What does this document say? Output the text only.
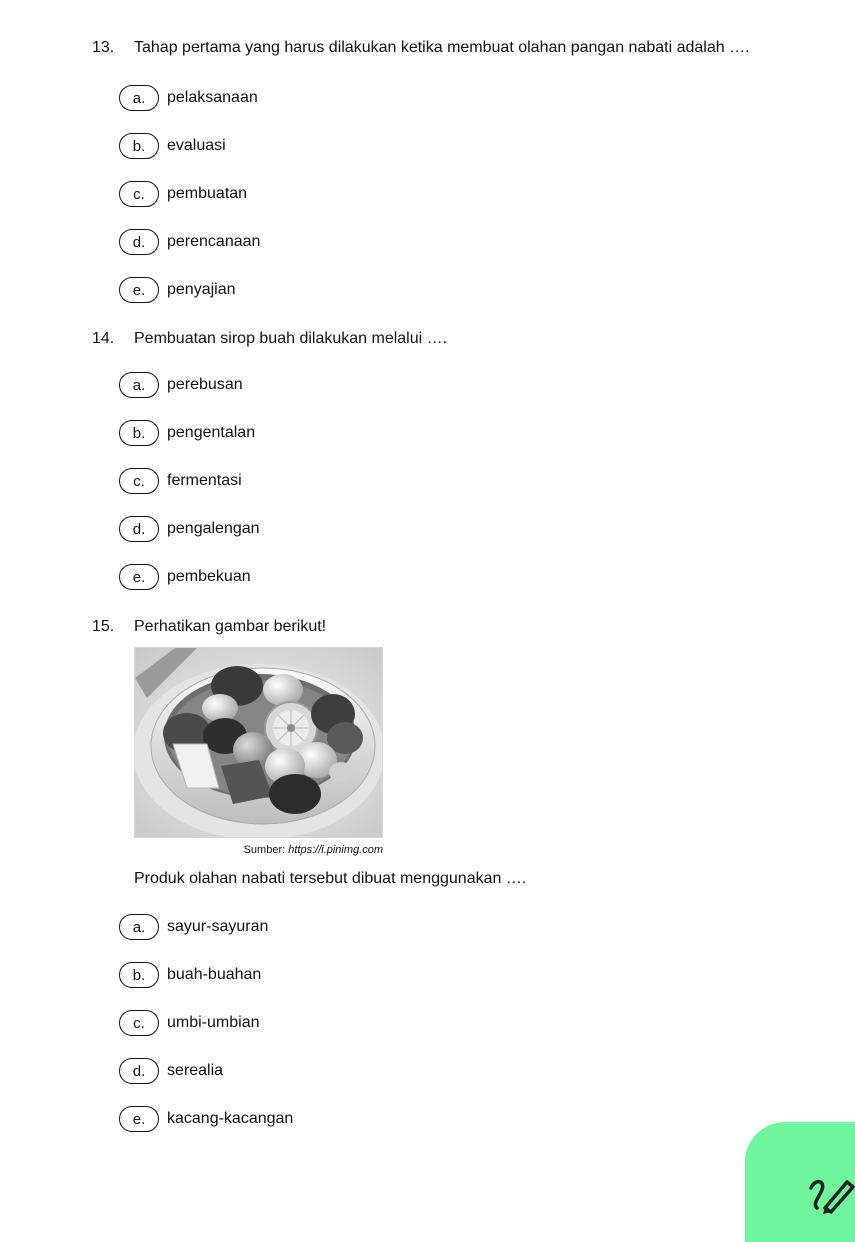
13. Tahap pertama yang harus dilakukan ketika membuat olahan pangan nabati adalah ….
a.	pelaksanaan
b.	evaluasi
c.	pembuatan
d.	perencanaan
e.	penyajian
14. Pembuatan sirop buah dilakukan melalui ….
a.	perebusan
b.	pengentalan
c.	fermentasi
d.	pengalengan
e.	pembekuan
15. Perhatikan gambar berikut!
Sumber: https://i.pinimg.com
Produk olahan nabati tersebut dibuat menggunakan ….
a.	sayur-sayuran
b.	buah-buahan
c.	umbi-umbian
d.	serealia
e.	kacang-kacangan
